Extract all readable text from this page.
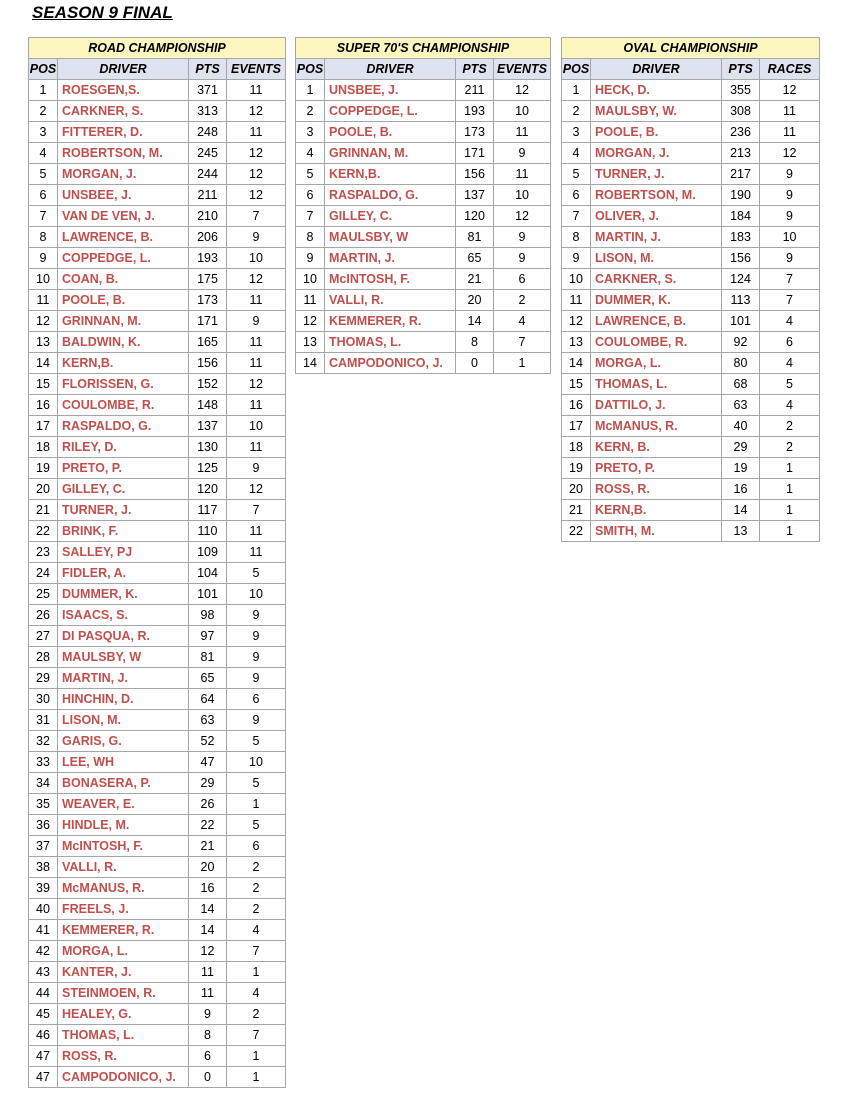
SEASON 9 FINAL
ROAD CHAMPIONSHIP			
POS	DRIVER	PTS	EVENTS
1	ROESGEN,S.	371	11
2	CARKNER, S.	313	12
3	FITTERER, D.	248	11
4	ROBERTSON, M.	245	12
5	MORGAN, J.	244	12
6	UNSBEE, J.	211	12
7	VAN DE VEN, J.	210	7
8	LAWRENCE, B.	206	9
9	COPPEDGE, L.	193	10
10	COAN, B.	175	12
11	POOLE, B.	173	11
12	GRINNAN, M.	171	9
13	BALDWIN, K.	165	11
14	KERN,B.	156	11
15	FLORISSEN, G.	152	12
16	COULOMBE, R.	148	11
17	RASPALDO, G.	137	10
18	RILEY, D.	130	11
19	PRETO, P.	125	9
20	GILLEY, C.	120	12
21	TURNER, J.	117	7
22	BRINK, F.	110	11
23	SALLEY, PJ	109	11
24	FIDLER, A.	104	5
25	DUMMER, K.	101	10
26	ISAACS, S.	98	9
27	DI PASQUA, R.	97	9
28	MAULSBY, W	81	9
29	MARTIN, J.	65	9
30	HINCHIN, D.	64	6
31	LISON, M.	63	9
32	GARIS, G.	52	5
33	LEE, WH	47	10
34	BONASERA, P.	29	5
35	WEAVER, E.	26	1
36	HINDLE, M.	22	5
37	McINTOSH, F.	21	6
38	VALLI, R.	20	2
39	McMANUS, R.	16	2
40	FREELS, J.	14	2
41	KEMMERER, R.	14	4
42	MORGA, L.	12	7
43	KANTER, J.	11	1
44	STEINMOEN, R.	11	4
45	HEALEY, G.	9	2
46	THOMAS, L.	8	7
47	ROSS, R.	6	1
47	CAMPODONICO, J.	0	1
SUPER 70'S CHAMPIONSHIP			
POS	DRIVER	PTS	EVENTS
1	UNSBEE, J.	211	12
2	COPPEDGE, L.	193	10
3	POOLE, B.	173	11
4	GRINNAN, M.	171	9
5	KERN,B.	156	11
6	RASPALDO, G.	137	10
7	GILLEY, C.	120	12
8	MAULSBY, W	81	9
9	MARTIN, J.	65	9
10	McINTOSH, F.	21	6
11	VALLI, R.	20	2
12	KEMMERER, R.	14	4
13	THOMAS, L.	8	7
14	CAMPODONICO, J.	0	1
OVAL CHAMPIONSHIP			
POS	DRIVER	PTS	RACES
1	HECK, D.	355	12
2	MAULSBY, W.	308	11
3	POOLE, B.	236	11
4	MORGAN, J.	213	12
5	TURNER, J.	217	9
6	ROBERTSON, M.	190	9
7	OLIVER, J.	184	9
8	MARTIN, J.	183	10
9	LISON, M.	156	9
10	CARKNER, S.	124	7
11	DUMMER, K.	113	7
12	LAWRENCE, B.	101	4
13	COULOMBE, R.	92	6
14	MORGA, L.	80	4
15	THOMAS, L.	68	5
16	DATTILO, J.	63	4
17	McMANUS, R.	40	2
18	KERN, B.	29	2
19	PRETO, P.	19	1
20	ROSS, R.	16	1
21	KERN,B.	14	1
22	SMITH, M.	13	1
